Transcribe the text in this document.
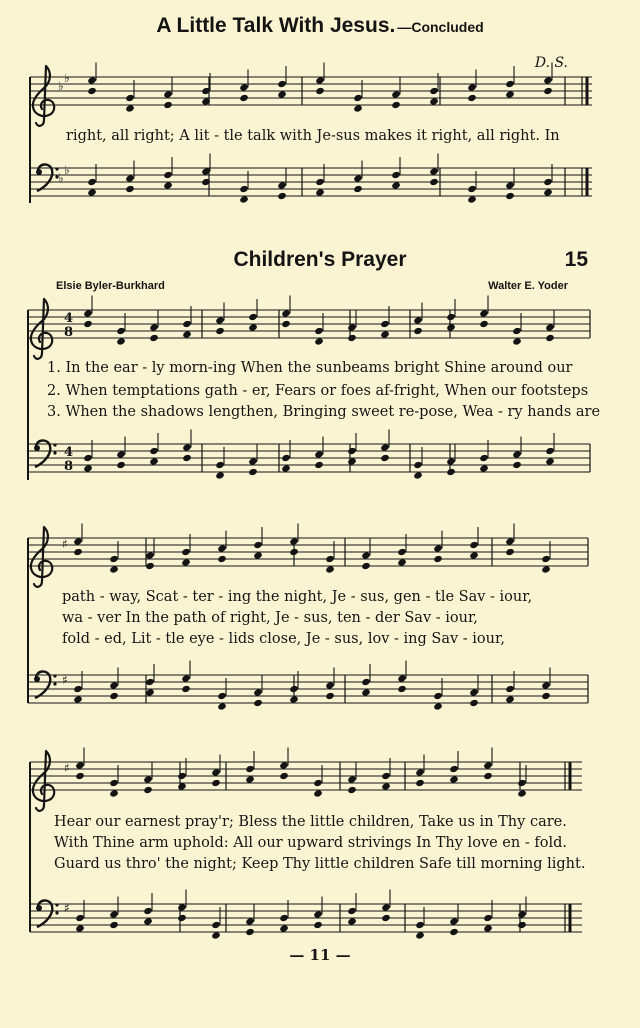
A Little Talk With Jesus. —Concluded
D. S.
right, all right; A lit - tle talk with Je-sus makes it right, all right. In
Children's Prayer	15
Elsie Byler-Burkhard	Walter E. Yoder
1. In the ear - ly morn-ing When the sunbeams bright Shine around our
2. When temptations gath - er, Fears or foes af-fright, When our footsteps
3. When the shadows lengthen, Bringing sweet re-pose, Wea - ry hands are
path - way, Scat - ter - ing the night, Je - sus, gen - tle Sav - iour,
wa - ver In the path of right, Je - sus, ten - der Sav - iour,
fold - ed, Lit - tle eye - lids close, Je - sus, lov - ing Sav - iour,
Hear our earnest pray'r; Bless the little children, Take us in Thy care.
With Thine arm uphold: All our upward strivings In Thy love en - fold.
Guard us thro' the night; Keep Thy little children Safe till morning light.
— 11 —
4
8
4
8
♭
♭
♭
♭
♯
♯
♯
♯
